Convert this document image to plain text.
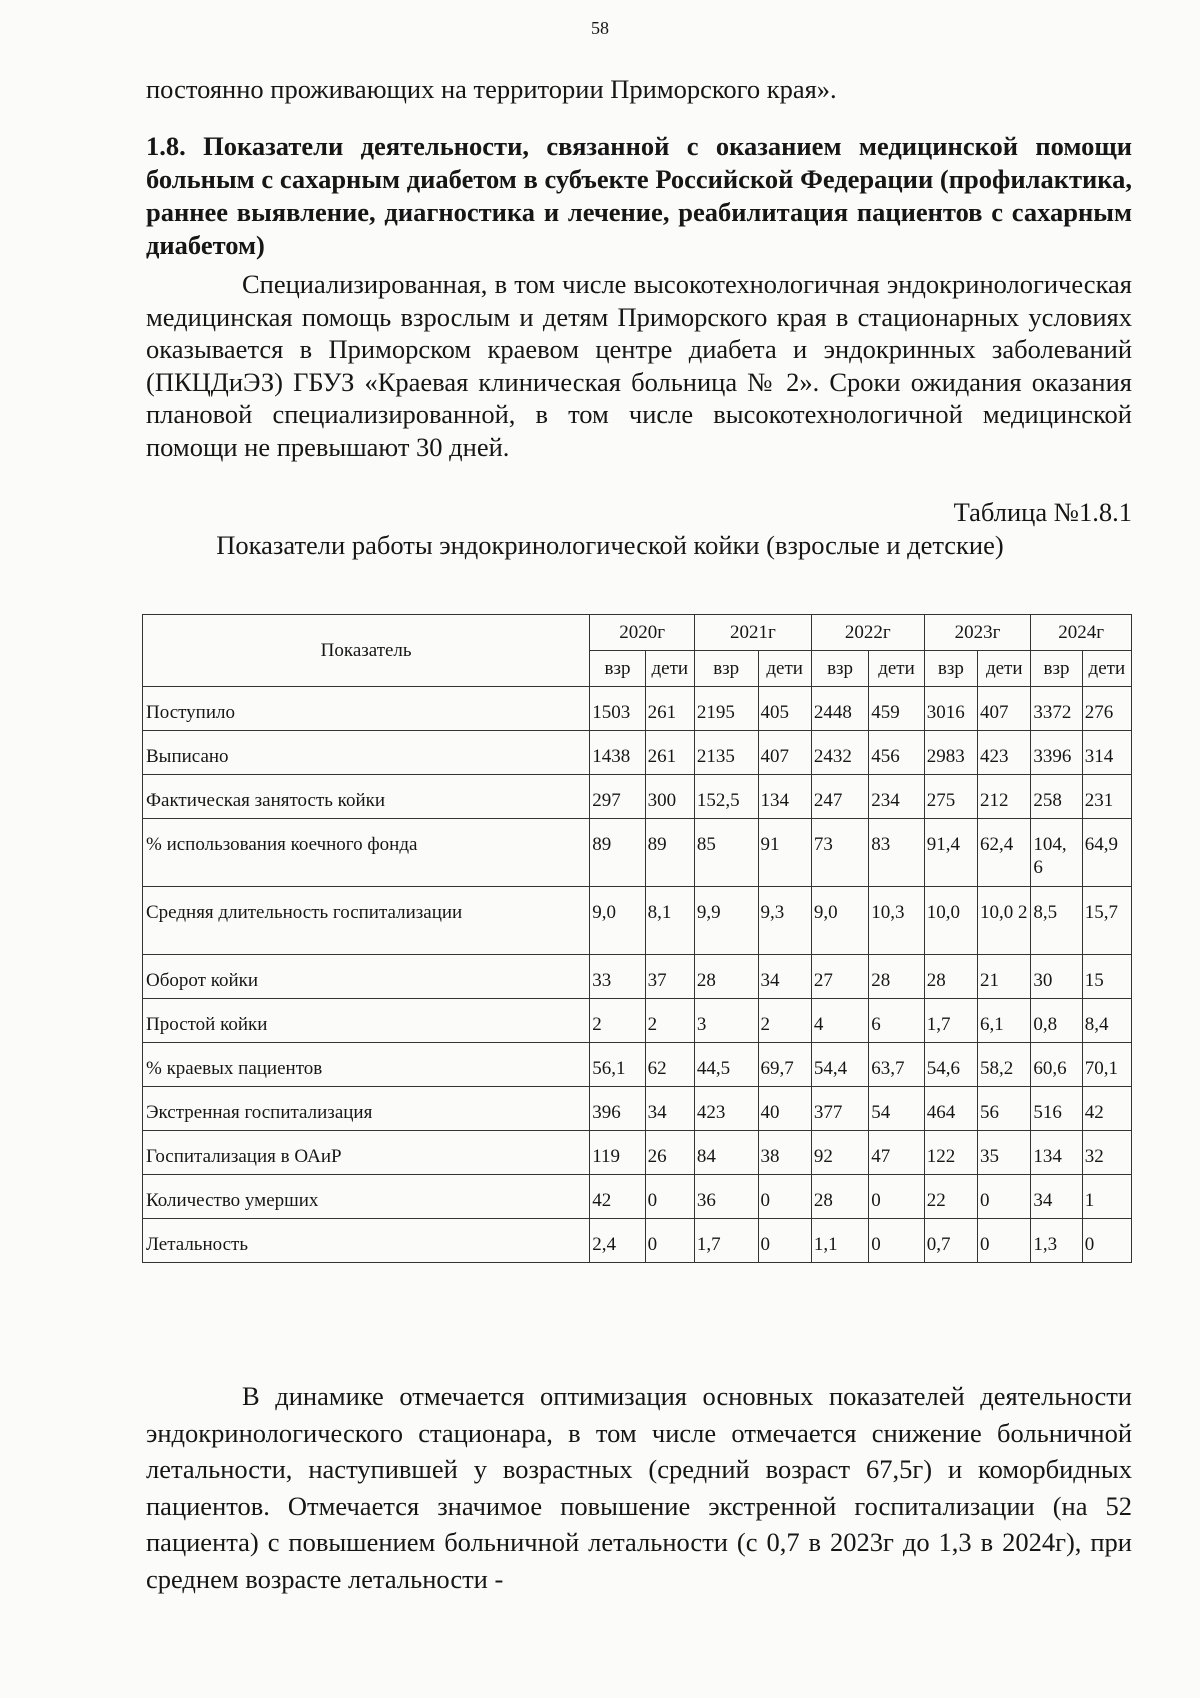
58
постоянно проживающих на территории Приморского края».
1.8. Показатели деятельности, связанной с оказанием медицинской помощи больным с сахарным диабетом в субъекте Российской Федерации (профилактика, раннее выявление, диагностика и лечение, реабилитация пациентов с сахарным диабетом)
Специализированная, в том числе высокотехнологичная эндокринологическая медицинская помощь взрослым и детям Приморского края в стационарных условиях оказывается в Приморском краевом центре диабета и эндокринных заболеваний (ПКЦДиЭЗ) ГБУЗ «Краевая клиническая больница № 2». Сроки ожидания оказания плановой специализированной, в том числе высокотехнологичной медицинской помощи не превышают 30 дней.
Таблица №1.8.1
Показатели работы эндокринологической койки (взрослые и детские)
Показатель	2020г		2021г		2022г		2023г		2024г	
	взр	дети	взр	дети	взр	дети	взр	дети	взр	дети
Поступило	1503	261	2195	405	2448	459	3016	407	3372	276
Выписано	1438	261	2135	407	2432	456	2983	423	3396	314
Фактическая занятость койки	297	300	152,5	134	247	234	275	212	258	231
% использования коечного фонда	89	89	85	91	73	83	91,4	62,4	104, 6	64,9
Средняя длительность госпитализации	9,0	8,1	9,9	9,3	9,0	10,3	10,0	10,0 2	8,5	15,7
Оборот койки	33	37	28	34	27	28	28	21	30	15
Простой койки	2	2	3	2	4	6	1,7	6,1	0,8	8,4
% краевых пациентов	56,1	62	44,5	69,7	54,4	63,7	54,6	58,2	60,6	70,1
Экстренная госпитализация	396	34	423	40	377	54	464	56	516	42
Госпитализация в ОАиР	119	26	84	38	92	47	122	35	134	32
Количество умерших	42	0	36	0	28	0	22	0	34	1
Летальность	2,4	0	1,7	0	1,1	0	0,7	0	1,3	0
В динамике отмечается оптимизация основных показателей деятельности эндокринологического стационара, в том числе отмечается снижение больничной летальности, наступившей у возрастных (средний возраст 67,5г) и коморбидных пациентов. Отмечается значимое повышение экстренной госпитализации (на 52 пациента) с повышением больничной летальности (с 0,7 в 2023г до 1,3 в 2024г), при среднем возрасте летальности -
